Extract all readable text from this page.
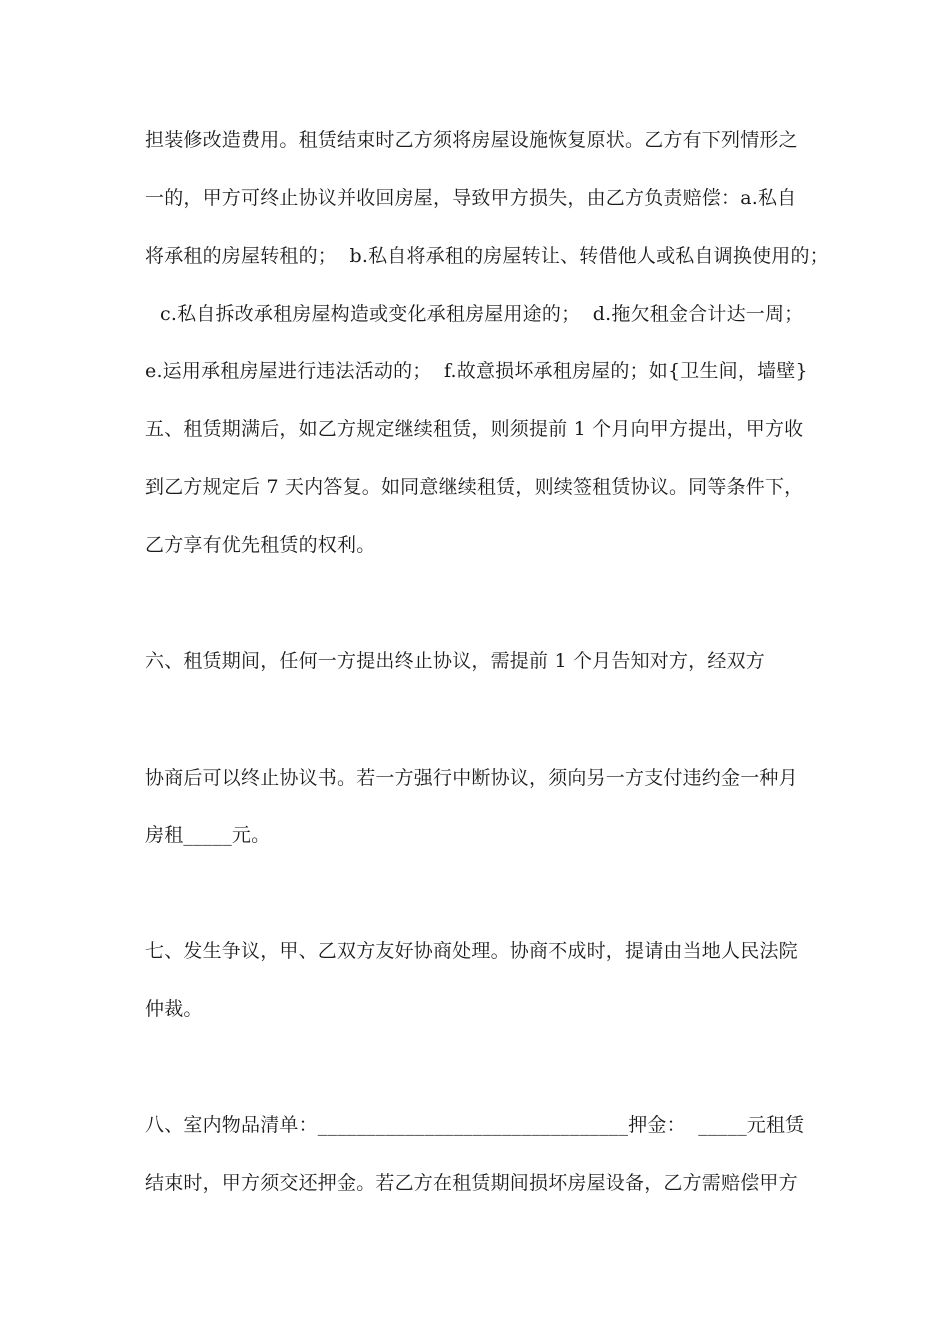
担装修改造费用。租赁结束时乙方须将房屋设施恢复原状。乙方有下列情形之
一的，甲方可终止协议并收回房屋，导致甲方损失，由乙方负责赔偿：a.私自
将承租的房屋转租的；  b.私自将承租的房屋转让、转借他人或私自调换使用的；
c.私自拆改承租房屋构造或变化承租房屋用途的；  d.拖欠租金合计达一周；
e.运用承租房屋进行违法活动的；  f.故意损坏承租房屋的；如{卫生间，墙壁}
五、租赁期满后，如乙方规定继续租赁，则须提前 1 个月向甲方提出，甲方收
到乙方规定后 7 天内答复。如同意继续租赁，则续签租赁协议。同等条件下，
乙方享有优先租赁的权利。
六、租赁期间，任何一方提出终止协议，需提前 1 个月告知对方，经双方
协商后可以终止协议书。若一方强行中断协议，须向另一方支付违约金一种月
房租_____元。
七、发生争议，甲、乙双方友好协商处理。协商不成时，提请由当地人民法院
仲裁。
八、室内物品清单：________________________________押金：  _____元租赁
结束时，甲方须交还押金。若乙方在租赁期间损坏房屋设备，乙方需赔偿甲方
